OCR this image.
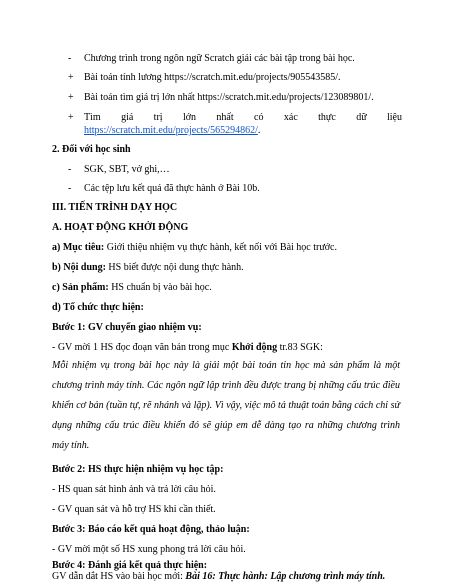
- Chương trình trong ngôn ngữ Scratch giải các bài tập trong bài học.
+ Bài toán tính lương https://scratch.mit.edu/projects/905543585/.
+ Bài toán tìm giá trị lớn nhất https://scratch.mit.edu/projects/123089801/.
+	Tìm giá trị lớn nhất có xác thực dữ liệu
https://scratch.mit.edu/projects/565294862/.
2. Đối với học sinh
- SGK, SBT, vở ghi,…
- Các tệp lưu kết quả đã thực hành ở Bài 10b.
III. TIẾN TRÌNH DẠY HỌC
A. HOẠT ĐỘNG KHỞI ĐỘNG
a) Mục tiêu: Giới thiệu nhiệm vụ thực hành, kết nối với Bài học trước.
b) Nội dung: HS biết được nội dung thực hành.
c) Sản phẩm: HS chuẩn bị vào bài học.
d) Tổ chức thực hiện:
Bước 1: GV chuyển giao nhiệm vụ:
- GV mời 1 HS đọc đoạn văn bản trong mục Khởi động tr.83 SGK:
Mỗi nhiệm vụ trong bài học này là giải một bài toán tin học mà sản phẩm là một chương trình máy tính. Các ngôn ngữ lập trình đều được trang bị những cấu trúc điều khiển cơ bản (tuần tự, rẽ nhánh và lặp). Vì vậy, việc mô tả thuật toán bằng cách chỉ sử dụng những cấu trúc điều khiển đó sẽ giúp em dễ dàng tạo ra những chương trình máy tính.
Bước 2: HS thực hiện nhiệm vụ học tập:
- HS quan sát hình ảnh và trả lời câu hỏi.
- GV quan sát và hỗ trợ HS khi cần thiết.
Bước 3: Báo cáo kết quả hoạt động, thảo luận:
- GV mời một số HS xung phong trả lời câu hỏi.
Bước 4: Đánh giá kết quả thực hiện:
GV dẫn dắt HS vào bài học mới: Bài 16: Thực hành: Lập chương trình máy tính.
